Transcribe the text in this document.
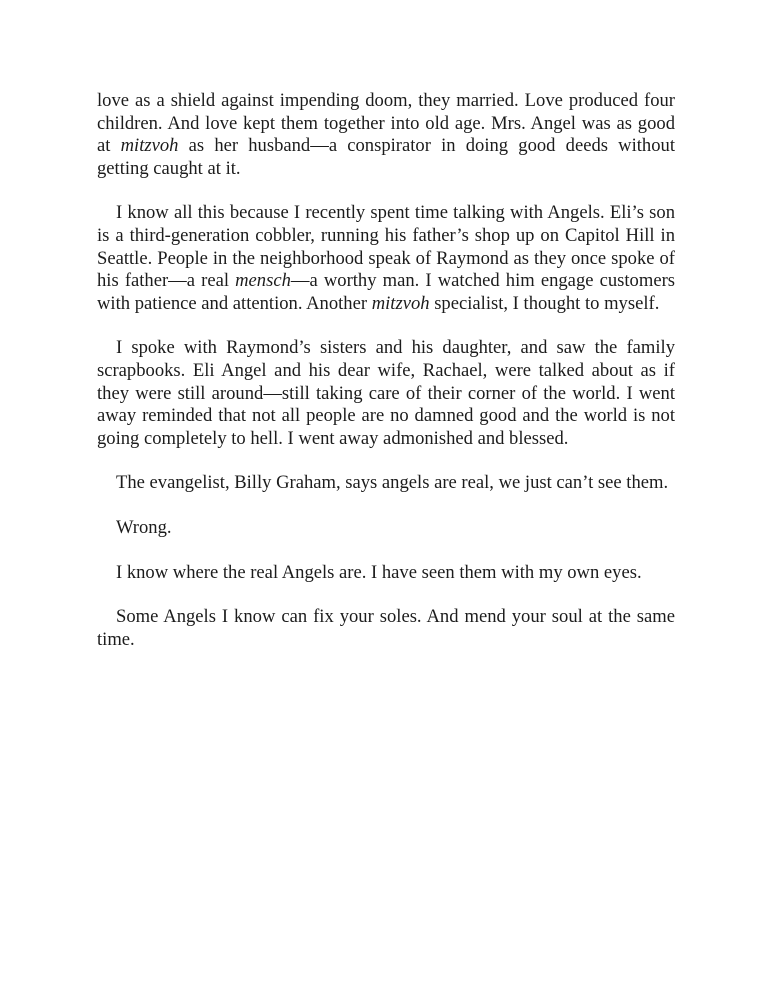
love as a shield against impending doom, they married. Love produced four children. And love kept them together into old age. Mrs. Angel was as good at mitzvoh as her husband—a conspirator in doing good deeds without getting caught at it.

I know all this because I recently spent time talking with Angels. Eli’s son is a third-generation cobbler, running his father’s shop up on Capitol Hill in Seattle. People in the neighborhood speak of Raymond as they once spoke of his father—a real mensch—a worthy man. I watched him engage customers with patience and attention. Another mitzvoh specialist, I thought to myself.

I spoke with Raymond’s sisters and his daughter, and saw the family scrapbooks. Eli Angel and his dear wife, Rachael, were talked about as if they were still around—still taking care of their corner of the world. I went away reminded that not all people are no damned good and the world is not going completely to hell. I went away admonished and blessed.

The evangelist, Billy Graham, says angels are real, we just can’t see them.

Wrong.

I know where the real Angels are. I have seen them with my own eyes.

Some Angels I know can fix your soles. And mend your soul at the same time.
